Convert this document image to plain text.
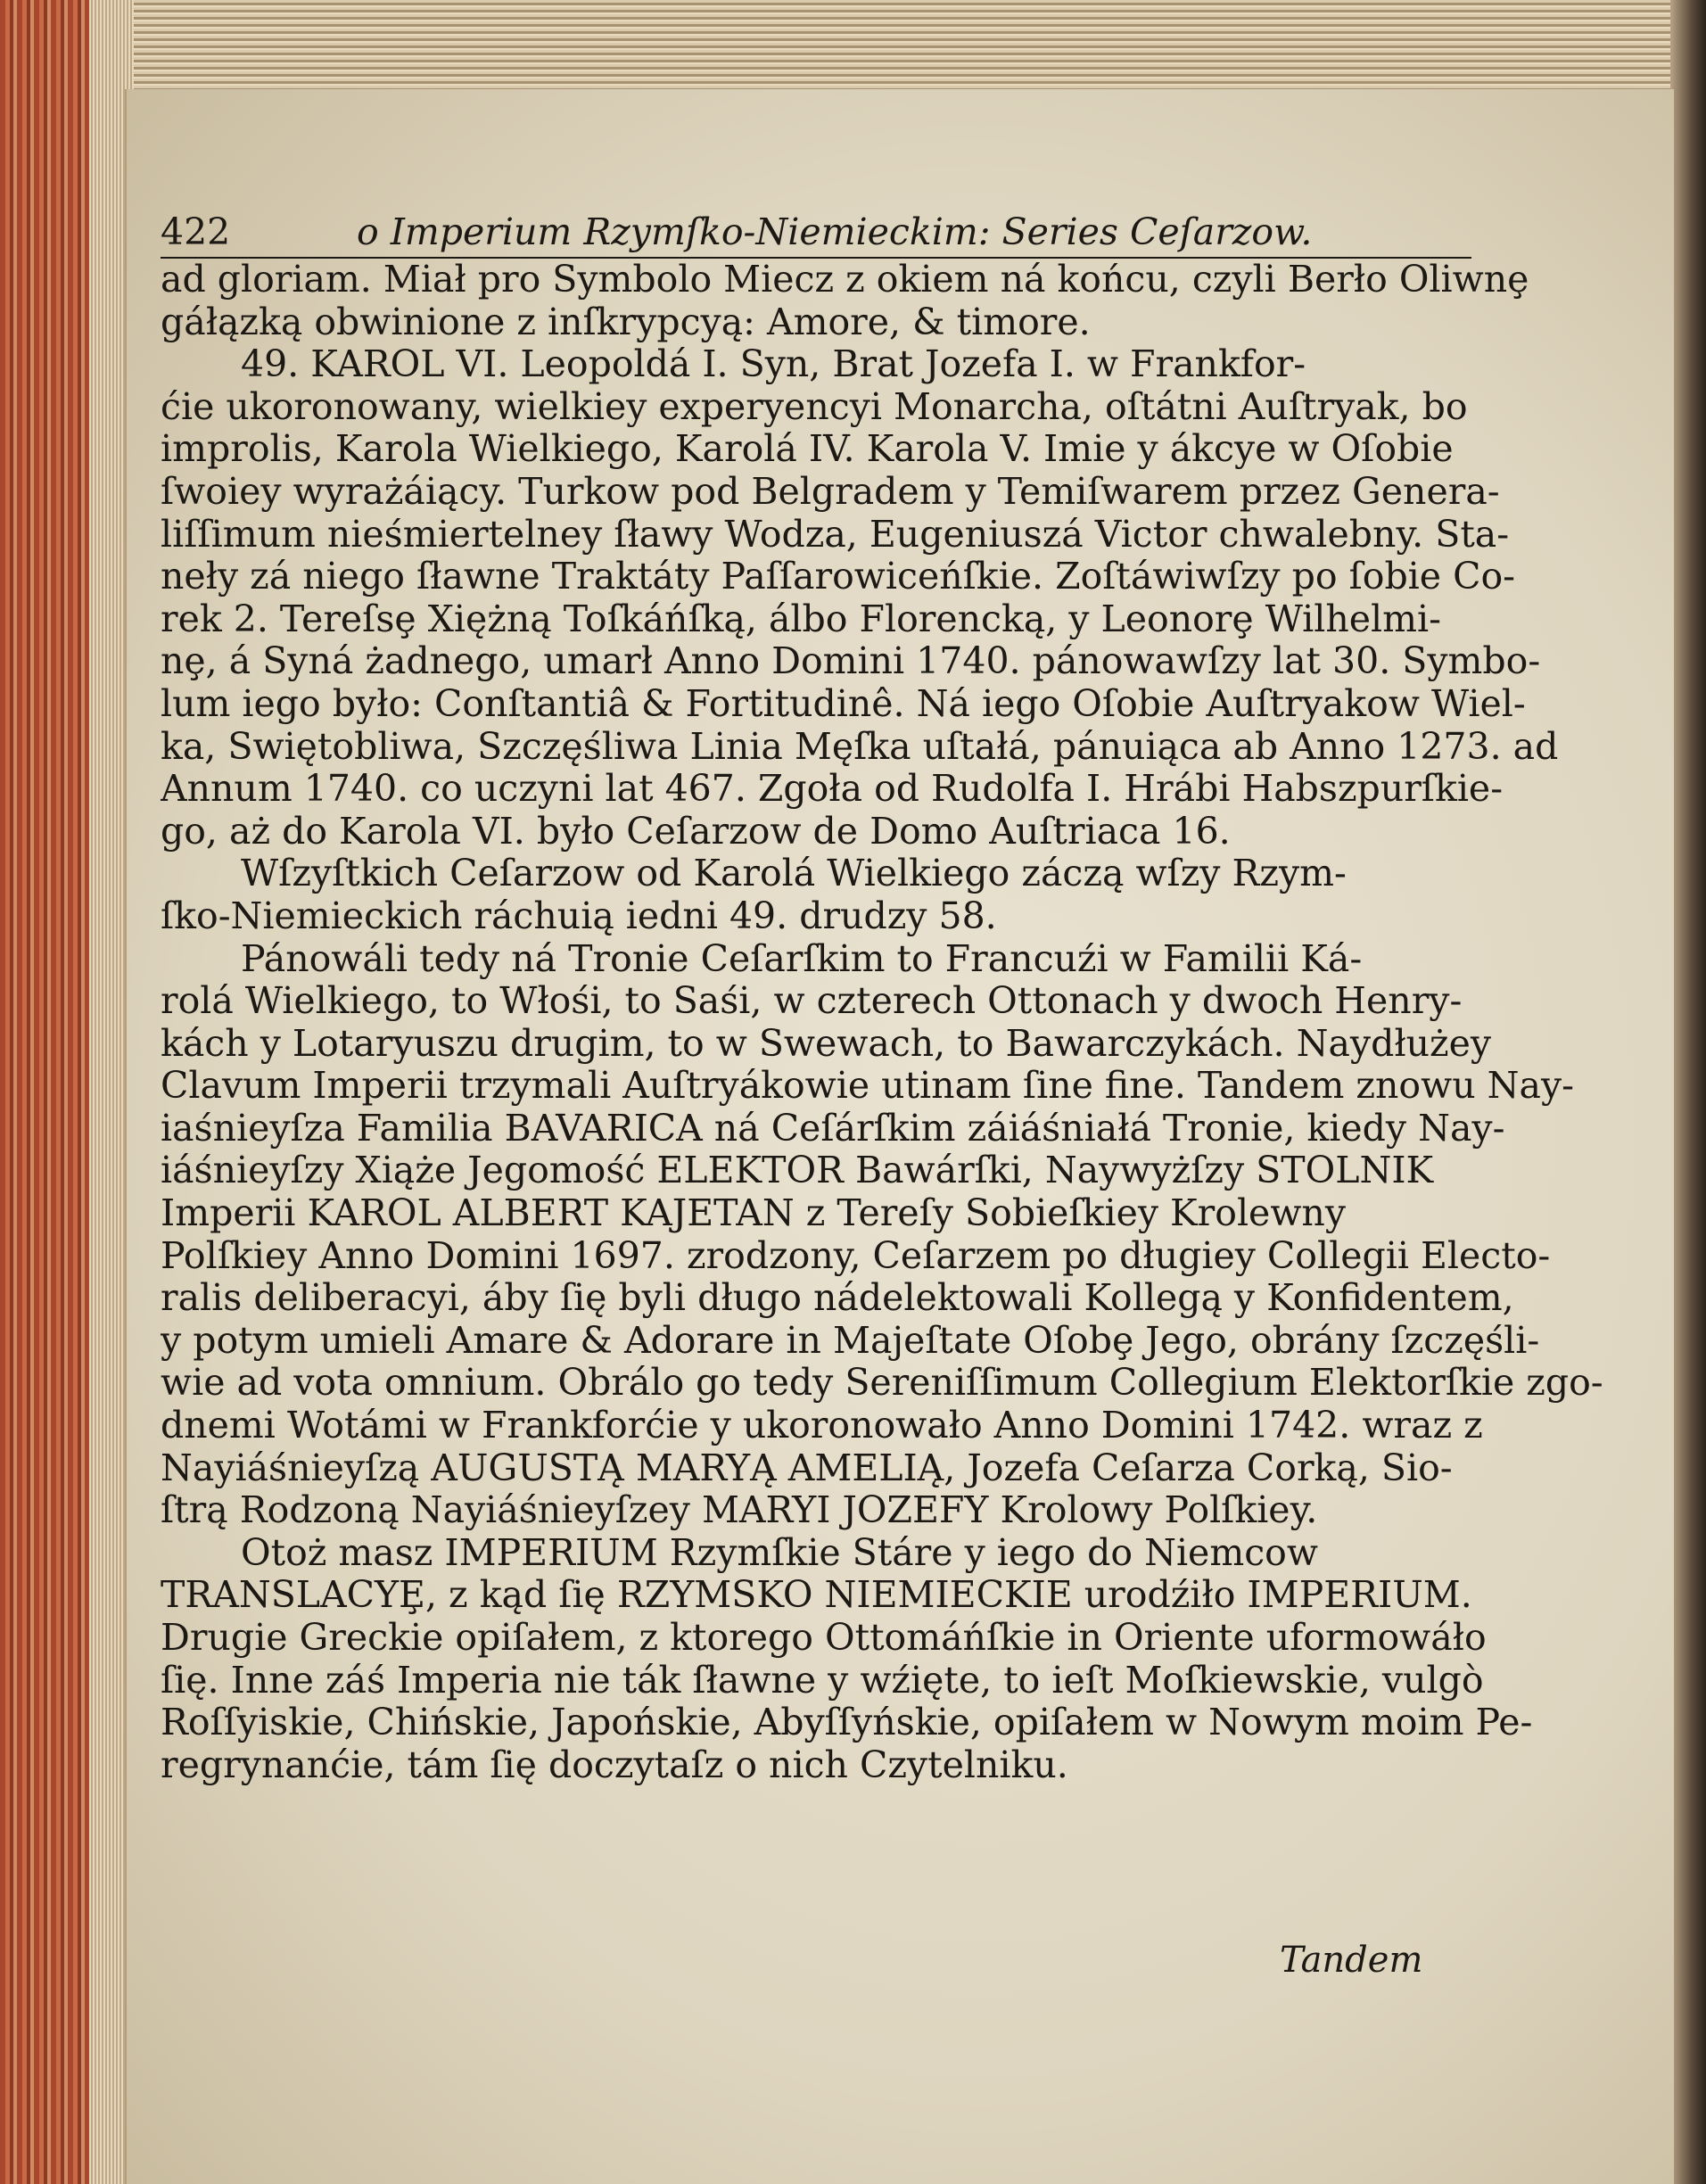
422	o Imperium Rzymſko-Niemieckim: Series Ceſarzow.
ad gloriam. Miał pro Symbolo Miecz z okiem ná końcu, czyli Berło Oliwnȩ
gáłązką obwinione z inſkrypcyą: Amore, & timore.
49. KAROL VI. Leopoldá I. Syn, Brat Jozefa I. w Frankfor-
ćie ukoronowany, wielkiey experyencyi Monarcha, oſtátni Auſtryak, bo
improlis, Karola Wielkiego, Karolá IV. Karola V. Imie y ákcye w Oſobie
ſwoiey wyrażáiący. Turkow pod Belgradem y Temiſwarem przez Genera-
liſſimum nieśmiertelney ſławy Wodza, Eugeniuszá Victor chwalebny. Sta-
neły zá niego ſławne Traktáty Paſſarowiceńſkie. Zoſtáwiwſzy po ſobie Co-
rek 2. Tereſsȩ Xiężną Toſkáńſką, álbo Florencką, y Leonorȩ Wilhelmi-
nȩ, á Syná żadnego, umarł Anno Domini 1740. pánowawſzy lat 30. Symbo-
lum iego było: Conſtantiâ & Fortitudinê. Ná iego Oſobie Auſtryakow Wiel-
ka, Swiętobliwa, Szczęśliwa Linia Męſka uſtałá, pánuiąca ab Anno 1273. ad
Annum 1740. co uczyni lat 467. Zgoła od Rudolfa I. Hrábi Habszpurſkie-
go, aż do Karola VI. było Ceſarzow de Domo Auſtriaca 16.
Wſzyſtkich Ceſarzow od Karolá Wielkiego záczą wſzy Rzym-
ſko-Niemieckich ráchuią iedni 49. drudzy 58.
Pánowáli tedy ná Tronie Ceſarſkim to Francuźi w Familii Ká-
rolá Wielkiego, to Włośi, to Saśi, w czterech Ottonach y dwoch Henry-
kách y Lotaryuszu drugim, to w Swewach, to Bawarczykách. Naydłużey
Clavum Imperii trzymali Auſtryákowie utinam ſine fine. Tandem znowu Nay-
iaśnieyſza Familia BAVARICA ná Ceſárſkim záiáśniałá Tronie, kiedy Nay-
iáśnieyſzy Xiąże Jegomość ELEKTOR Bawárſki, Naywyżſzy STOLNIK
Imperii KAROL ALBERT KAJETAN z Tereſy Sobieſkiey Krolewny
Polſkiey Anno Domini 1697. zrodzony, Ceſarzem po długiey Collegii Electo-
ralis deliberacyi, áby ſię byli długo nádelektowali Kollegą y Konfidentem,
y potym umieli Amare & Adorare in Majeſtate Oſobȩ Jego, obrány ſzczęśli-
wie ad vota omnium. Obrálo go tedy Sereniſſimum Collegium Elektorſkie zgo-
dnemi Wotámi w Frankforćie y ukoronowało Anno Domini 1742. wraz z
Nayiáśnieyſzą AUGUSTĄ MARYĄ AMELIĄ, Jozefa Ceſarza Corką, Sio-
ſtrą Rodzoną Nayiáśnieyſzey MARYI JOZEFY Krolowy Polſkiey.
Otoż masz IMPERIUM Rzymſkie Stáre y iego do Niemcow
TRANSLACYȨ, z kąd ſię RZYMSKO NIEMIECKIE urodźiło IMPERIUM.
Drugie Greckie opiſałem, z ktorego Ottomáńſkie in Oriente uformowáło
ſię. Inne záś Imperia nie ták ſławne y wźięte, to ieſt Moſkiewskie, vulgò
Roſſyiskie, Chińskie, Japońskie, Abyſſyńskie, opiſałem w Nowym moim Pe-
regrynanćie, tám ſię doczytaſz o nich Czytelniku.
Tandem
